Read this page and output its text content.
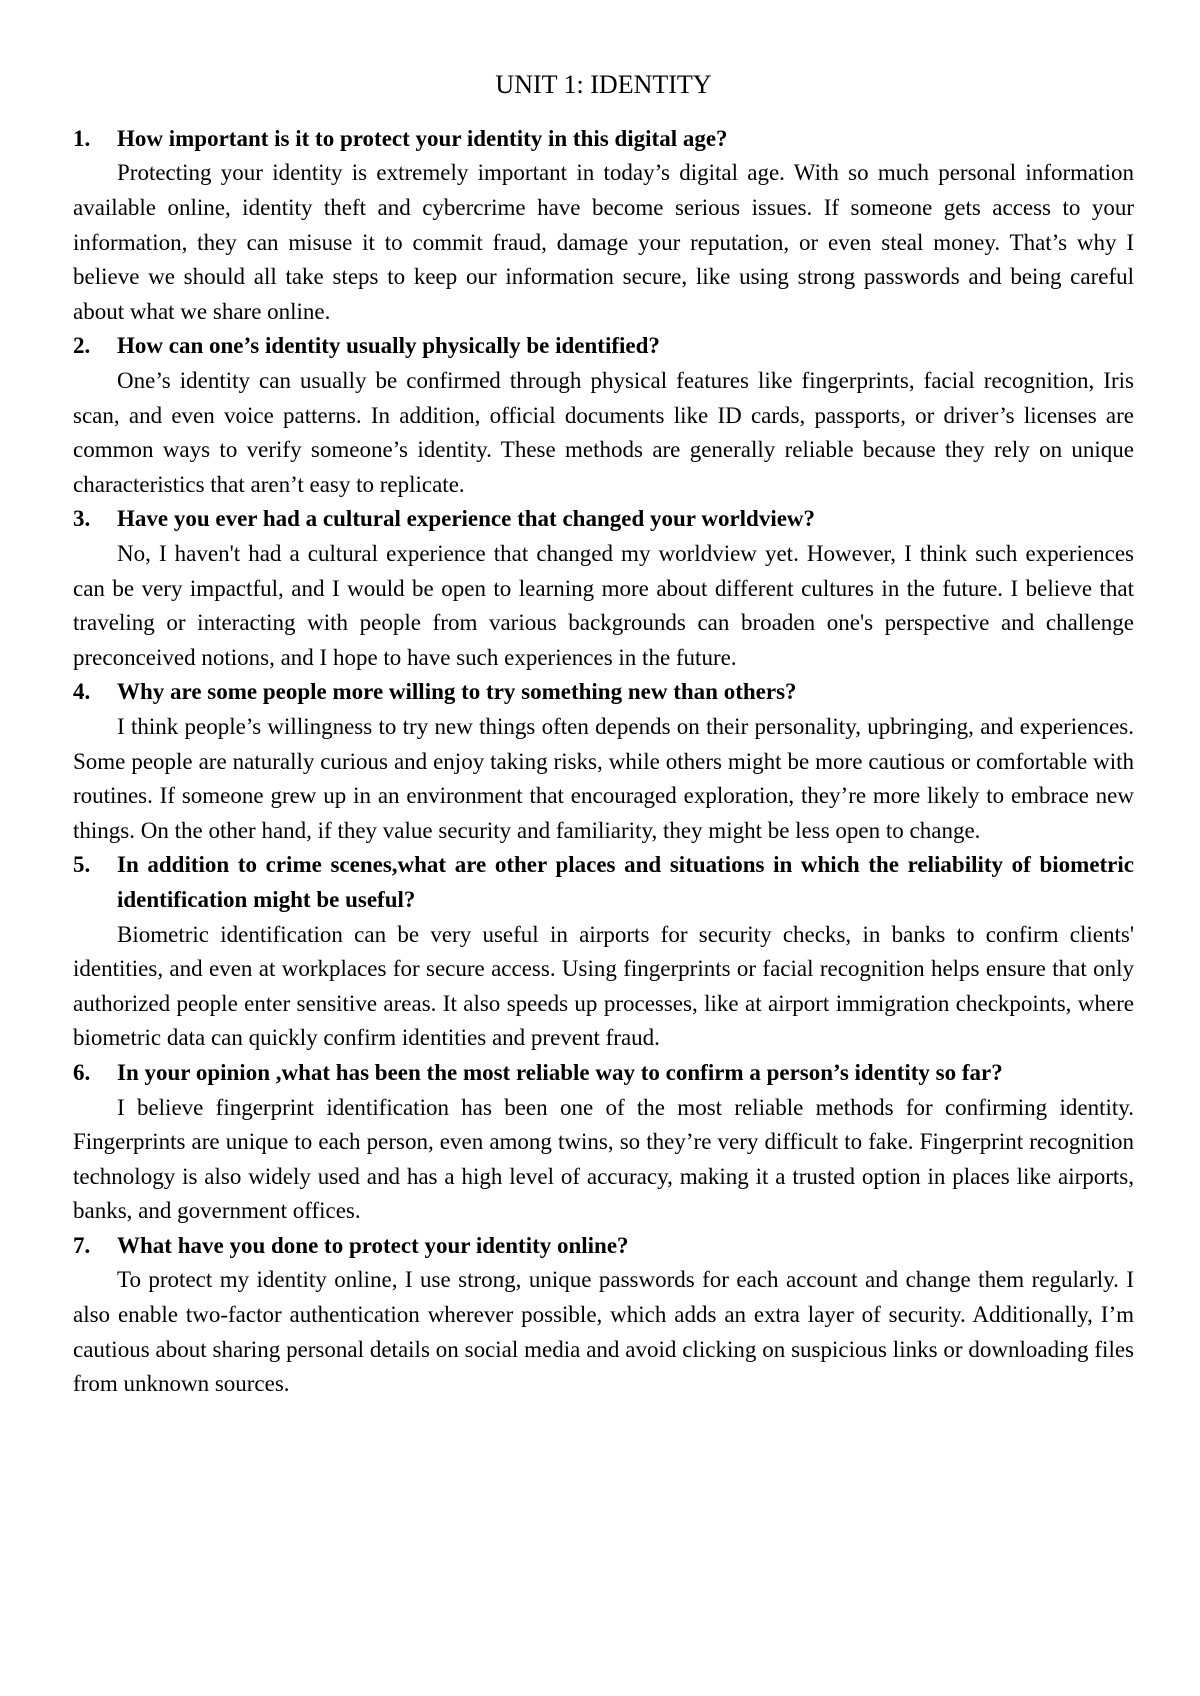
UNIT 1: IDENTITY
1.	How important is it to protect your identity in this digital age?

Protecting your identity is extremely important in today’s digital age. With so much personal information available online, identity theft and cybercrime have become serious issues. If someone gets access to your information, they can misuse it to commit fraud, damage your reputation, or even steal money. That’s why I believe we should all take steps to keep our information secure, like using strong passwords and being careful about what we share online.

2.	How can one’s identity usually physically be identified?

One’s identity can usually be confirmed through physical features like fingerprints, facial recognition, Iris scan, and even voice patterns. In addition, official documents like ID cards, passports, or driver’s licenses are common ways to verify someone’s identity. These methods are generally reliable because they rely on unique characteristics that aren’t easy to replicate.

3.	Have you ever had a cultural experience that changed your worldview?

No, I haven't had a cultural experience that changed my worldview yet. However, I think such experiences can be very impactful, and I would be open to learning more about different cultures in the future. I believe that traveling or interacting with people from various backgrounds can broaden one's perspective and challenge preconceived notions, and I hope to have such experiences in the future.

4.	Why are some people more willing to try something new than others?

I think people’s willingness to try new things often depends on their personality, upbringing, and experiences. Some people are naturally curious and enjoy taking risks, while others might be more cautious or comfortable with routines. If someone grew up in an environment that encouraged exploration, they’re more likely to embrace new things. On the other hand, if they value security and familiarity, they might be less open to change.

5.	In addition to crime scenes,what are other places and situations in which the reliability of biometric identification might be useful?

Biometric identification can be very useful in airports for security checks, in banks to confirm clients' identities, and even at workplaces for secure access. Using fingerprints or facial recognition helps ensure that only authorized people enter sensitive areas. It also speeds up processes, like at airport immigration checkpoints, where biometric data can quickly confirm identities and prevent fraud.

6.	In your opinion ,what has been the most reliable way to confirm a person’s identity so far?

I believe fingerprint identification has been one of the most reliable methods for confirming identity. Fingerprints are unique to each person, even among twins, so they’re very difficult to fake. Fingerprint recognition technology is also widely used and has a high level of accuracy, making it a trusted option in places like airports, banks, and government offices.

7.	What have you done to protect your identity online?

To protect my identity online, I use strong, unique passwords for each account and change them regularly. I also enable two-factor authentication wherever possible, which adds an extra layer of security. Additionally, I’m cautious about sharing personal details on social media and avoid clicking on suspicious links or downloading files from unknown sources.
